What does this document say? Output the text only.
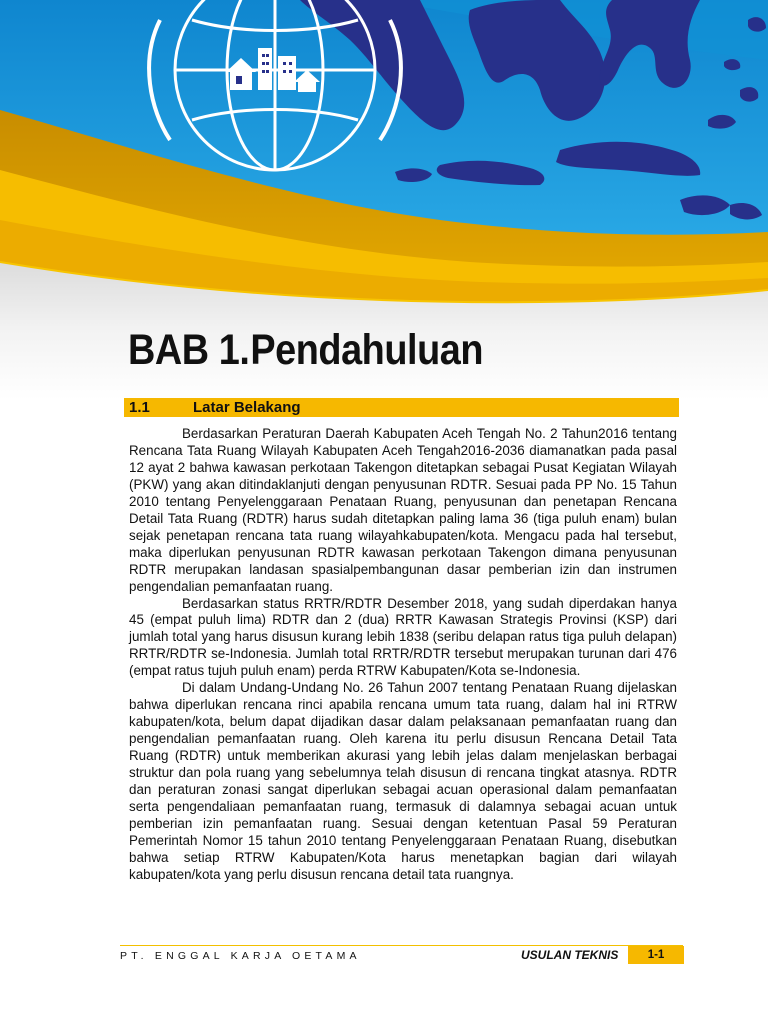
BAB 1.Pendahuluan
1.1	Latar Belakang

Berdasarkan Peraturan Daerah Kabupaten Aceh Tengah No. 2 Tahun2016 tentang Rencana Tata Ruang Wilayah Kabupaten Aceh Tengah2016-2036 diamanatkan pada pasal 12 ayat 2 bahwa kawasan perkotaan Takengon ditetapkan sebagai Pusat Kegiatan Wilayah (PKW) yang akan ditindaklanjuti dengan penyusunan RDTR. Sesuai pada PP No. 15 Tahun 2010 tentang Penyelenggaraan Penataan Ruang, penyusunan dan penetapan Rencana Detail Tata Ruang (RDTR) harus sudah ditetapkan paling lama 36 (tiga puluh enam) bulan sejak penetapan rencana tata ruang wilayahkabupaten/kota. Mengacu pada hal tersebut, maka diperlukan penyusunan RDTR kawasan perkotaan Takengon dimana penyusunan RDTR merupakan landasan spasialpembangunan dasar pemberian izin dan instrumen pengendalian pemanfaatan ruang.

Berdasarkan status RRTR/RDTR Desember 2018, yang sudah diperdakan hanya 45 (empat puluh lima) RDTR dan 2 (dua) RRTR Kawasan Strategis Provinsi (KSP) dari jumlah total yang harus disusun kurang lebih 1838 (seribu delapan ratus tiga puluh delapan) RRTR/RDTR se-Indonesia. Jumlah total RRTR/RDTR tersebut merupakan turunan dari 476 (empat ratus tujuh puluh enam) perda RTRW Kabupaten/Kota se-Indonesia.

Di dalam Undang-Undang No. 26 Tahun 2007 tentang Penataan Ruang dijelaskan bahwa diperlukan rencana rinci apabila rencana umum tata ruang, dalam hal ini RTRW kabupaten/kota, belum dapat dijadikan dasar dalam pelaksanaan pemanfaatan ruang dan pengendalian pemanfaatan ruang. Oleh karena itu perlu disusun Rencana Detail Tata Ruang (RDTR) untuk memberikan akurasi yang lebih jelas dalam menjelaskan berbagai struktur dan pola ruang yang sebelumnya telah disusun di rencana tingkat atasnya. RDTR dan peraturan zonasi sangat diperlukan sebagai acuan operasional dalam pemanfaatan serta pengendaliaan pemanfaatan ruang, termasuk di dalamnya sebagai acuan untuk pemberian izin pemanfaatan ruang. Sesuai dengan ketentuan Pasal 59 Peraturan Pemerintah Nomor 15 tahun 2010 tentang Penyelenggaraan Penataan Ruang, disebutkan bahwa setiap RTRW Kabupaten/Kota harus menetapkan bagian dari wilayah kabupaten/kota yang perlu disusun rencana detail tata ruangnya.

PT. ENGGAL KARJA OETAMA	USULAN TEKNIS	1-1
